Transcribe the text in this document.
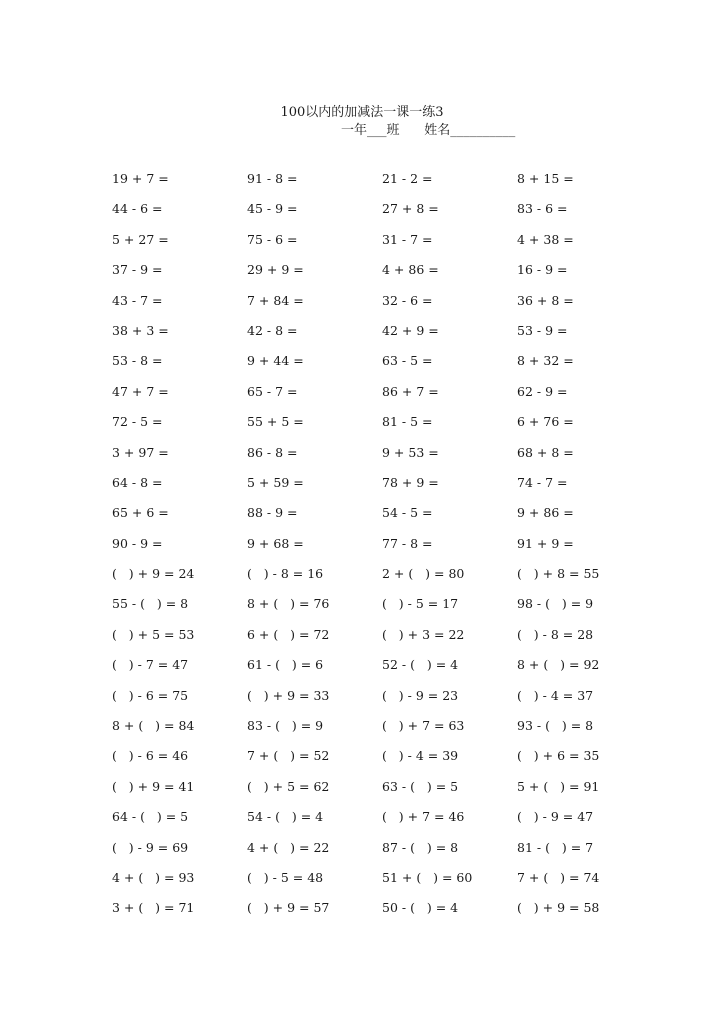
100以内的加减法一课一练3
一年___班      姓名__________
19 + 7 =	91 - 8 =	21 - 2 =	8 + 15 =
44 - 6 =	45 - 9 =	27 + 8 =	83 - 6 =
5 + 27 =	75 - 6 =	31 - 7 =	4 + 38 =
37 - 9 =	29 + 9 =	4 + 86 =	16 - 9 =
43 - 7 =	7 + 84 =	32 - 6 =	36 + 8 =
38 + 3 =	42 - 8 =	42 + 9 =	53 - 9 =
53 - 8 =	9 + 44 =	63 - 5 =	8 + 32 =
47 + 7 =	65 - 7 =	86 + 7 =	62 - 9 =
72 - 5 =	55 + 5 =	81 - 5 =	6 + 76 =
3 + 97 =	86 - 8 =	9 + 53 =	68 + 8 =
64 - 8 =	5 + 59 =	78 + 9 =	74 - 7 =
65 + 6 =	88 - 9 =	54 - 5 =	9 + 86 =
90 - 9 =	9 + 68 =	77 - 8 =	91 + 9 =
(   ) + 9 = 24	(   ) - 8 = 16	2 + (   ) = 80	(   ) + 8 = 55
55 - (   ) = 8	8 + (   ) = 76	(   ) - 5 = 17	98 - (   ) = 9
(   ) + 5 = 53	6 + (   ) = 72	(   ) + 3 = 22	(   ) - 8 = 28
(   ) - 7 = 47	61 - (   ) = 6	52 - (   ) = 4	8 + (   ) = 92
(   ) - 6 = 75	(   ) + 9 = 33	(   ) - 9 = 23	(   ) - 4 = 37
8 + (   ) = 84	83 - (   ) = 9	(   ) + 7 = 63	93 - (   ) = 8
(   ) - 6 = 46	7 + (   ) = 52	(   ) - 4 = 39	(   ) + 6 = 35
(   ) + 9 = 41	(   ) + 5 = 62	63 - (   ) = 5	5 + (   ) = 91
64 - (   ) = 5	54 - (   ) = 4	(   ) + 7 = 46	(   ) - 9 = 47
(   ) - 9 = 69	4 + (   ) = 22	87 - (   ) = 8	81 - (   ) = 7
4 + (   ) = 93	(   ) - 5 = 48	51 + (   ) = 60	7 + (   ) = 74
3 + (   ) = 71	(   ) + 9 = 57	50 - (   ) = 4	(   ) + 9 = 58
